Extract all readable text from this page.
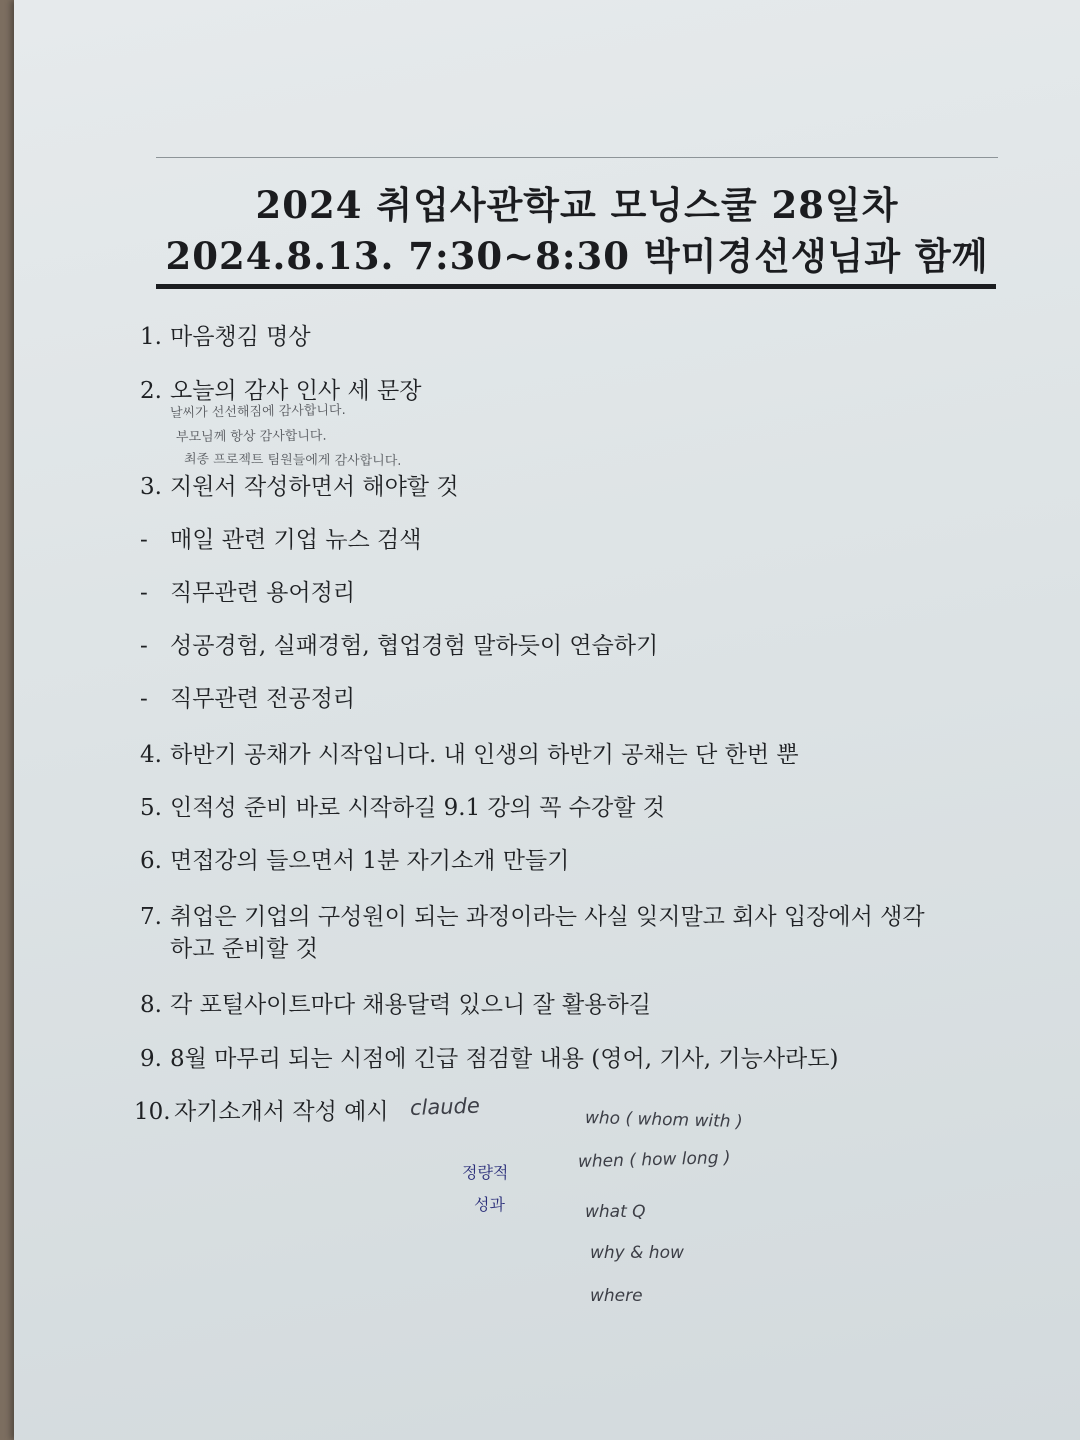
2024 취업사관학교 모닝스쿨 28일차
2024.8.13. 7:30~8:30 박미경선생님과 함께
1. 마음챙김 명상
2. 오늘의 감사 인사 세 문장
날씨가 선선해짐에 감사합니다.
부모님께 항상 감사합니다.
최종 프로젝트 팀원들에게 감사합니다.
3. 지원서 작성하면서 해야할 것
- 매일 관련 기업 뉴스 검색
- 직무관련 용어정리
- 성공경험, 실패경험, 협업경험 말하듯이 연습하기
- 직무관련 전공정리
4. 하반기 공채가 시작입니다. 내 인생의 하반기 공채는 단 한번 뿐
5. 인적성 준비 바로 시작하길 9.1 강의 꼭 수강할 것
6. 면접강의 들으면서 1분 자기소개 만들기
7. 취업은 기업의 구성원이 되는 과정이라는 사실 잊지말고 회사 입장에서 생각
하고 준비할 것
8. 각 포털사이트마다 채용달력 있으니 잘 활용하길
9. 8월 마무리 되는 시점에 긴급 점검할 내용 (영어, 기사, 기능사라도)
10. 자기소개서 작성 예시 claude
who ( whom with )
when ( how long )
what Q
why & how
where
정량적
성과
